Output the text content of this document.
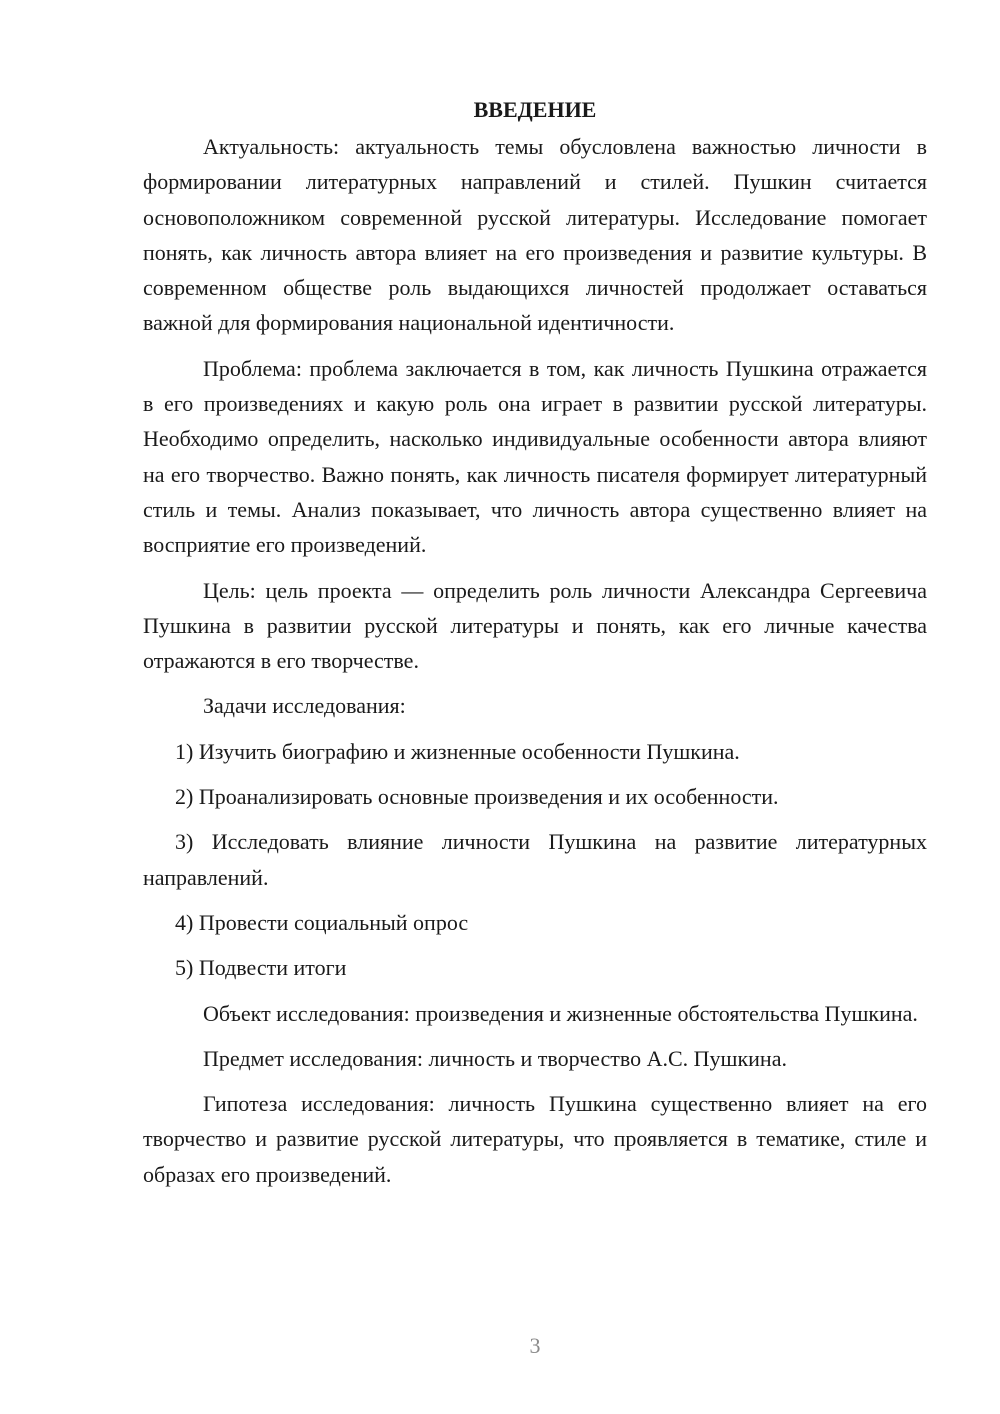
ВВЕДЕНИЕ

Актуальность: актуальность темы обусловлена важностью личности в формировании литературных направлений и стилей. Пушкин считается основоположником современной русской литературы. Исследование помогает понять, как личность автора влияет на его произведения и развитие культуры. В современном обществе роль выдающихся личностей продолжает оставаться важной для формирования национальной идентичности.

Проблема: проблема заключается в том, как личность Пушкина отражается в его произведениях и какую роль она играет в развитии русской литературы. Необходимо определить, насколько индивидуальные особенности автора влияют на его творчество. Важно понять, как личность писателя формирует литературный стиль и темы. Анализ показывает, что личность автора существенно влияет на восприятие его произведений.

Цель: цель проекта — определить роль личности Александра Сергеевича Пушкина в развитии русской литературы и понять, как его личные качества отражаются в его творчестве.

Задачи исследования:

1) Изучить биографию и жизненные особенности Пушкина.

2) Проанализировать основные произведения и их особенности.

3) Исследовать влияние личности Пушкина на развитие литературных направлений.

4) Провести социальный опрос

5) Подвести итоги

Объект исследования: произведения и жизненные обстоятельства Пушкина.

Предмет исследования: личность и творчество А.С. Пушкина.

Гипотеза исследования: личность Пушкина существенно влияет на его творчество и развитие русской литературы, что проявляется в тематике, стиле и образах его произведений.

3
